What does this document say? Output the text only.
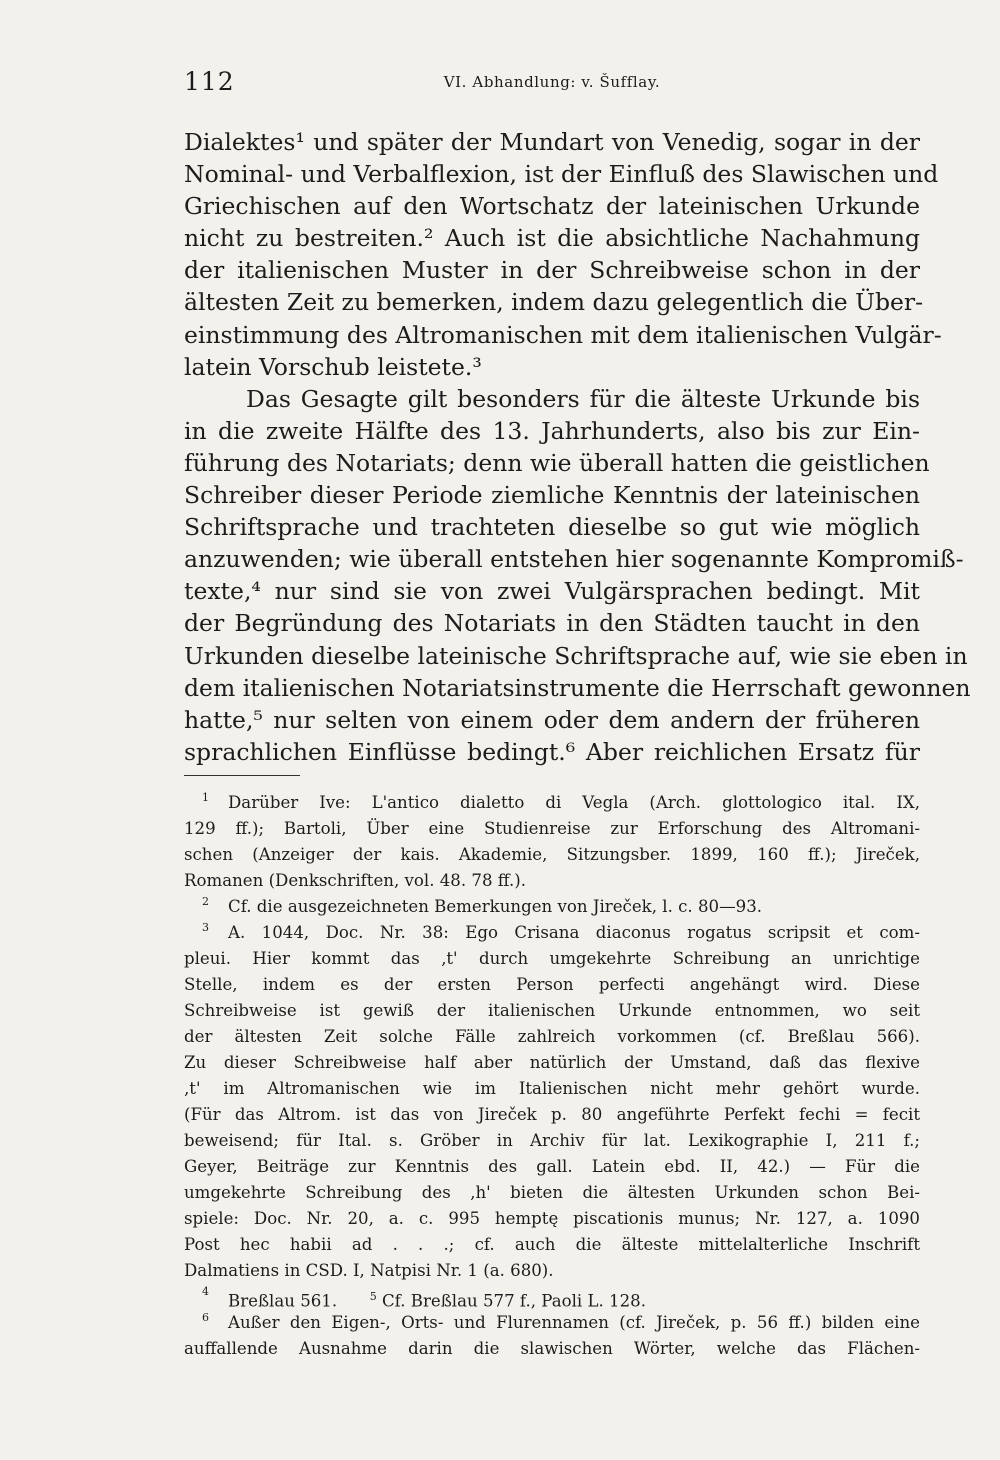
112	VI. Abhandlung: v. Šufflay.
Dialektes¹ und später der Mundart von Venedig, sogar in der
Nominal- und Verbalflexion, ist der Einfluß des Slawischen und
Griechischen auf den Wortschatz der lateinischen Urkunde
nicht zu bestreiten.² Auch ist die absichtliche Nachahmung
der italienischen Muster in der Schreibweise schon in der
ältesten Zeit zu bemerken, indem dazu gelegentlich die Über-
einstimmung des Altromanischen mit dem italienischen Vulgär-
latein Vorschub leistete.³
Das Gesagte gilt besonders für die älteste Urkunde bis
in die zweite Hälfte des 13. Jahrhunderts, also bis zur Ein-
führung des Notariats; denn wie überall hatten die geistlichen
Schreiber dieser Periode ziemliche Kenntnis der lateinischen
Schriftsprache und trachteten dieselbe so gut wie möglich
anzuwenden; wie überall entstehen hier sogenannte Kompromiß-
texte,⁴ nur sind sie von zwei Vulgärsprachen bedingt. Mit
der Begründung des Notariats in den Städten taucht in den
Urkunden dieselbe lateinische Schriftsprache auf, wie sie eben in
dem italienischen Notariatsinstrumente die Herrschaft gewonnen
hatte,⁵ nur selten von einem oder dem andern der früheren
sprachlichen Einflüsse bedingt.⁶ Aber reichlichen Ersatz für
1 Darüber Ive: L'antico dialetto di Vegla (Arch. glottologico ital. IX,
129 ff.); Bartoli, Über eine Studienreise zur Erforschung des Altromani-
schen (Anzeiger der kais. Akademie, Sitzungsber. 1899, 160 ff.); Jireček,
Romanen (Denkschriften, vol. 48. 78 ff.).
2 Cf. die ausgezeichneten Bemerkungen von Jireček, l. c. 80—93.
3 A. 1044, Doc. Nr. 38: Ego Crisana diaconus rogatus scripsit et com-
pleui. Hier kommt das ‚t' durch umgekehrte Schreibung an unrichtige
Stelle, indem es der ersten Person perfecti angehängt wird. Diese
Schreibweise ist gewiß der italienischen Urkunde entnommen, wo seit
der ältesten Zeit solche Fälle zahlreich vorkommen (cf. Breßlau 566).
Zu dieser Schreibweise half aber natürlich der Umstand, daß das flexive
‚t' im Altromanischen wie im Italienischen nicht mehr gehört wurde.
(Für das Altrom. ist das von Jireček p. 80 angeführte Perfekt fechi = fecit
beweisend; für Ital. s. Gröber in Archiv für lat. Lexikographie I, 211 f.;
Geyer, Beiträge zur Kenntnis des gall. Latein ebd. II, 42.) — Für die
umgekehrte Schreibung des ‚h' bieten die ältesten Urkunden schon Bei-
spiele: Doc. Nr. 20, a. c. 995 hemptę piscationis munus; Nr. 127, a. 1090
Post hec habii ad . . .; cf. auch die älteste mittelalterliche Inschrift
Dalmatiens in CSD. I, Natpisi Nr. 1 (a. 680).
4
Breßlau 561.	$^5$ Cf. Breßlau 577 f., Paoli L. 128.
6 Außer den Eigen-, Orts- und Flurennamen (cf. Jireček, p. 56 ff.) bilden eine
auffallende Ausnahme darin die slawischen Wörter, welche das Flächen-
